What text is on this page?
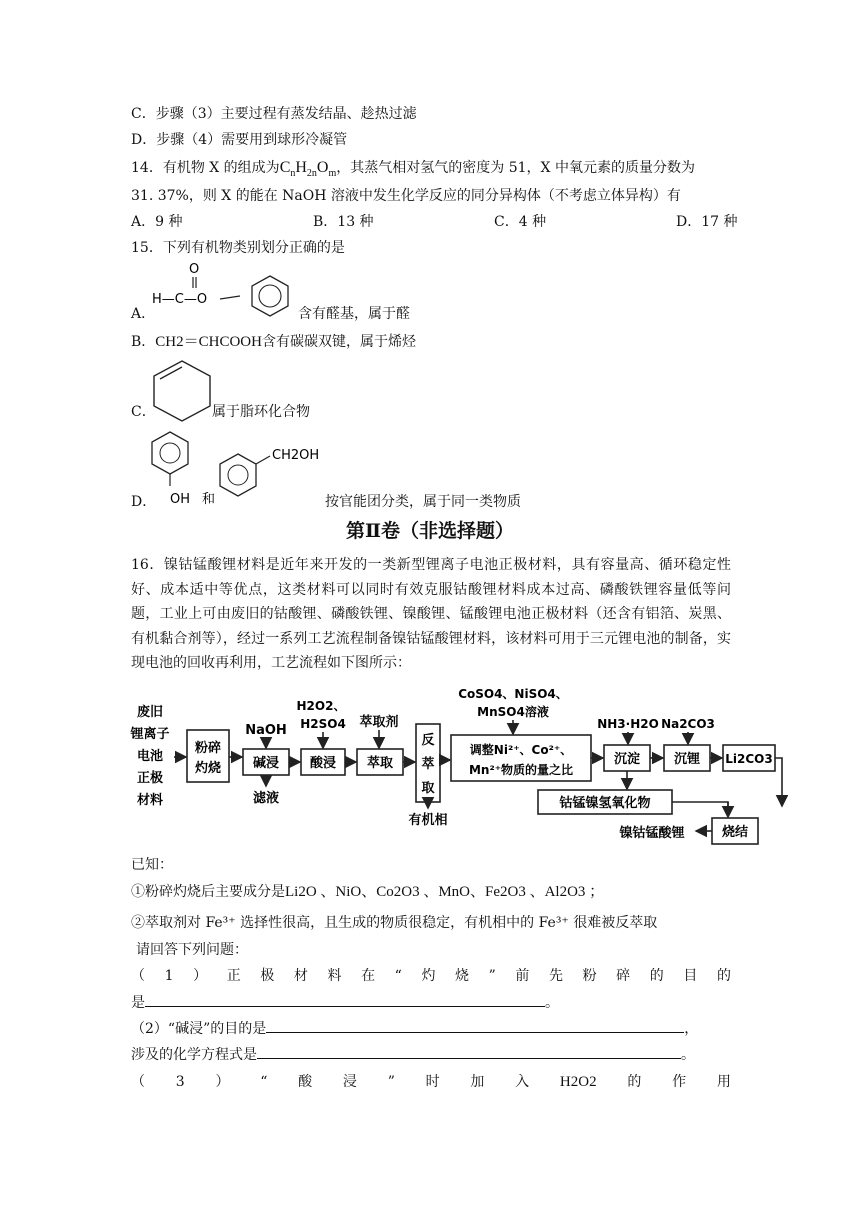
C．步骤（3）主要过程有蒸发结晶、趁热过滤
D．步骤（4）需要用到球形冷凝管
14．有机物 X 的组成为$C_nH_{2n}O_m$，其蒸气相对氢气的密度为 51，X 中氧元素的质量分数为
31. 37%，则 X 的能在 NaOH 溶液中发生化学反应的同分异构体（不考虑立体异构）有
A．9 种	B．13 种	C．4 种	D．17 种
15．下列有机物类别划分正确的是
A．
O
H—C—O
含有醛基，属于醛
B．CH2＝CHCOOH含有碳碳双键，属于烯烃
C．	属于脂环化合物
D． OH 和
CH2OH
按官能团分类，属于同一类物质
第Ⅱ卷（非选择题）
16．镍钴锰酸锂材料是近年来开发的一类新型锂离子电池正极材料，具有容量高、循环稳定性好、成本适中等优点，这类材料可以同时有效克服钴酸锂材料成本过高、磷酸铁锂容量低等问题，工业上可由废旧的钴酸锂、磷酸铁锂、镍酸锂、锰酸锂电池正极材料（还含有铝箔、炭黑、有机黏合剂等），经过一系列工艺流程制备镍钴锰酸锂材料，该材料可用于三元锂电池的制备，实现电池的回收再利用，工艺流程如下图所示：
废旧
锂离子
电池
正极
材料
粉碎
灼烧
NaOH
碱浸
滤液
H2O2、
H2SO4
酸浸
萃取剂
萃取
反
萃
取
有机相
CoSO4、NiSO4、
MnSO4溶液
调整Ni²⁺、Co²⁺、
Mn²⁺物质的量之比
NH3·H2O
沉淀
Na2CO3
沉锂 Li2CO3
钴锰镍氢氧化物
烧结
镍钴锰酸锂
已知：
①粉碎灼烧后主要成分是Li2O 、NiO、Co2O3 、MnO、Fe2O3 、Al2O3 ；
②萃取剂对 Fe³⁺ 选择性很高，且生成的物质很稳定，有机相中的 Fe³⁺ 很难被反萃取
请回答下列问题：
（ 1 ） 正 极 材 料 在 “ 灼 烧 ” 前 先 粉 碎 的 目 的
是	。
（2）“碱浸”的目的是	，
涉及的化学方程式是	。
（ 3 ） “ 酸 浸 ” 时 加 入 H2O2 的 作 用
